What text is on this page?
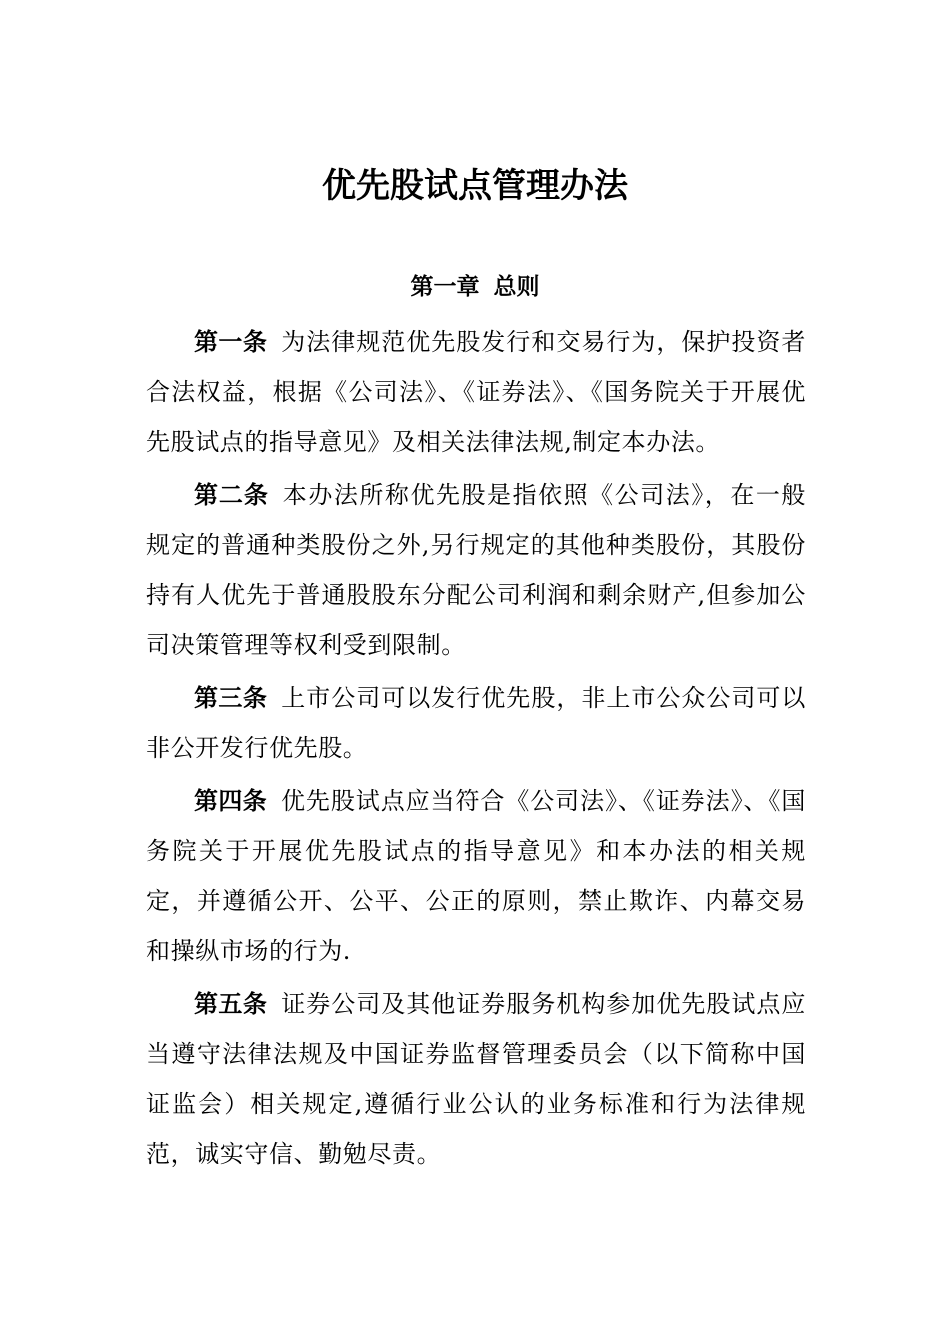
优先股试点管理办法
第一章 总则

第一条 为法律规范优先股发行和交易行为，保护投资者合法权益，根据《公司法》、《证券法》、《国务院关于开展优先股试点的指导意见》及相关法律法规,制定本办法。

第二条 本办法所称优先股是指依照《公司法》，在一般规定的普通种类股份之外,另行规定的其他种类股份，其股份持有人优先于普通股股东分配公司利润和剩余财产,但参加公司决策管理等权利受到限制。

第三条 上市公司可以发行优先股，非上市公众公司可以非公开发行优先股。

第四条 优先股试点应当符合《公司法》、《证券法》、《国务院关于开展优先股试点的指导意见》和本办法的相关规定，并遵循公开、公平、公正的原则，禁止欺诈、内幕交易和操纵市场的行为.

第五条 证券公司及其他证券服务机构参加优先股试点应当遵守法律法规及中国证券监督管理委员会（以下简称中国证监会）相关规定,遵循行业公认的业务标准和行为法律规范，诚实守信、勤勉尽责。
